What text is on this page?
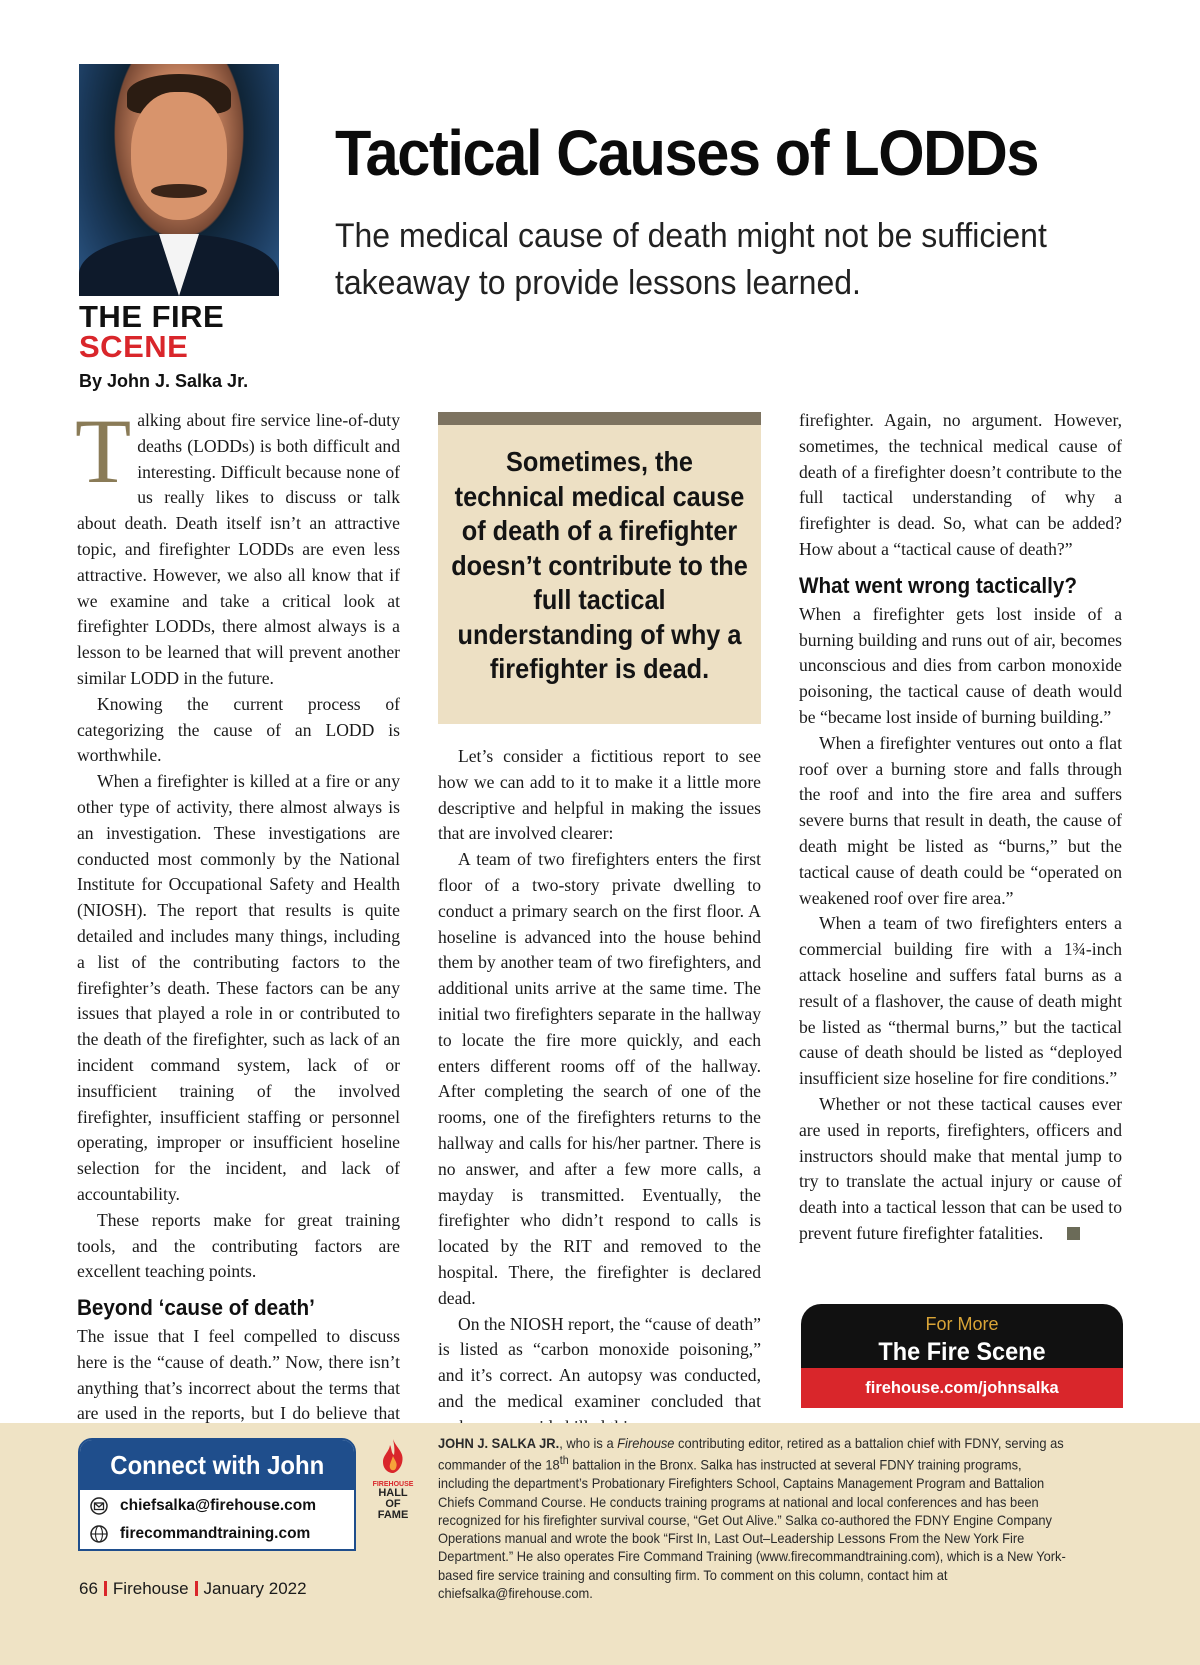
THE FIRE
SCENE
By John J. Salka Jr.
Tactical Causes of LODDs
The medical cause of death might not be sufficient takeaway to provide lessons learned.

Talking about fire service line-of-duty deaths (LODDs) is both difficult and interesting. Difficult because none of us really likes to discuss or talk about death. Death itself isn’t an attractive topic, and firefighter LODDs are even less attractive. However, we also all know that if we examine and take a critical look at firefighter LODDs, there almost always is a lesson to be learned that will prevent another similar LODD in the future.

Knowing the current process of categorizing the cause of an LODD is worthwhile.

When a firefighter is killed at a fire or any other type of activity, there almost always is an investigation. These investigations are conducted most commonly by the National Institute for Occupational Safety and Health (NIOSH). The report that results is quite detailed and includes many things, including a list of the contributing factors to the firefighter’s death. These factors can be any issues that played a role in or contributed to the death of the firefighter, such as lack of an incident command system, lack of or insufficient training of the involved firefighter, insufficient staffing or personnel operating, improper or insufficient hoseline selection for the incident, and lack of accountability.

These reports make for great training tools, and the contributing factors are excellent teaching points.

Beyond ‘cause of death’

The issue that I feel compelled to discuss here is the “cause of death.” Now, there isn’t anything that’s incorrect about the terms that are used in the reports, but I do believe that

Sometimes, the technical medical cause of death of a firefighter doesn’t contribute to the full tactical understanding of why a firefighter is dead.

Let’s consider a fictitious report to see how we can add to it to make it a little more descriptive and helpful in making the issues that are involved clearer:

A team of two firefighters enters the first floor of a two-story private dwelling to conduct a primary search on the first floor. A hoseline is advanced into the house behind them by another team of two firefighters, and additional units arrive at the same time. The initial two firefighters separate in the hallway to locate the fire more quickly, and each enters different rooms off of the hallway. After completing the search of one of the rooms, one of the firefighters returns to the hallway and calls for his/her partner. There is no answer, and after a few more calls, a mayday is transmitted. Eventually, the firefighter who didn’t respond to calls is located by the RIT and removed to the hospital. There, the firefighter is declared dead.

On the NIOSH report, the “cause of death” is listed as “carbon monoxide poisoning,” and it’s correct. An autopsy was conducted, and the medical examiner concluded that

firefighter. Again, no argument. However, sometimes, the technical medical cause of death of a firefighter doesn’t contribute to the full tactical understanding of why a firefighter is dead. So, what can be added? How about a “tactical cause of death?”

What went wrong tactically?

When a firefighter gets lost inside of a burning building and runs out of air, becomes unconscious and dies from carbon monoxide poisoning, the tactical cause of death would be “became lost inside of burning building.”

When a firefighter ventures out onto a flat roof over a burning store and falls through the roof and into the fire area and suffers severe burns that result in death, the cause of death might be listed as “burns,” but the tactical cause of death could be “operated on weakened roof over fire area.”

When a team of two firefighters enters a commercial building fire with a 1¾-inch attack hoseline and suffers fatal burns as a result of a flashover, the cause of death might be listed as “thermal burns,” but the tactical cause of death should be listed as “deployed insufficient size hoseline for fire conditions.”

Whether or not these tactical causes ever are used in reports, firefighters, officers and instructors should make that mental jump to try to translate the actual injury or cause of death into a tactical lesson that can be used to prevent future firefighter fatalities.

For More
The Fire Scene
firehouse.com/johnsalka
Connect with John
chiefsalka@firehouse.com
firecommandtraining.com
FIREHOUSE
HALL
OF
FAME
JOHN J. SALKA JR., who is a Firehouse contributing editor, retired as a battalion chief with FDNY, serving as commander of the 18th battalion in the Bronx. Salka has instructed at several FDNY training programs, including the department’s Probationary Firefighters School, Captains Management Program and Battalion Chiefs Command Course. He conducts training programs at national and local conferences and has been recognized for his firefighter survival course, “Get Out Alive.” Salka co-authored the FDNY Engine Company Operations manual and wrote the book “First In, Last Out–Leadership Lessons From the New York Fire Department.” He also operates Fire Command Training (www.firecommandtraining.com), which is a New York-based fire service training and consulting firm. To comment on this column, contact him at chiefsalka@firehouse.com.
66 Firehouse January 2022
